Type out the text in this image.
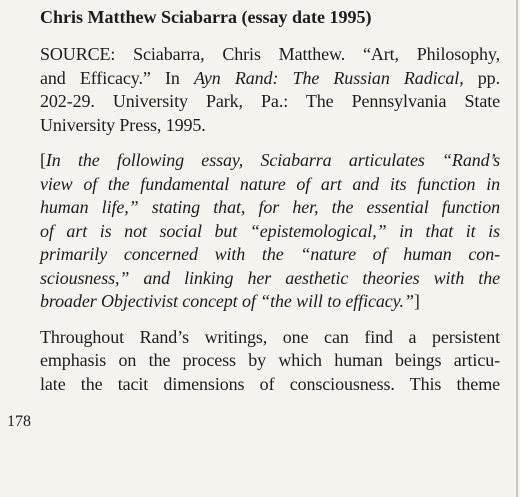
Chris Matthew Sciabarra (essay date 1995)

SOURCE: Sciabarra, Chris Matthew. “Art, Philosophy,
and Efficacy.” In Ayn Rand: The Russian Radical, pp.
202-29. University Park, Pa.: The Pennsylvania State
University Press, 1995.

[In the following essay, Sciabarra articulates “Rand’s
view of the fundamental nature of art and its function in
human life,” stating that, for her, the essential function
of art is not social but “epistemological,” in that it is
primarily concerned with the “nature of human con-
sciousness,” and linking her aesthetic theories with the
broader Objectivist concept of “the will to efficacy.”]

Throughout Rand’s writings, one can find a persistent
emphasis on the process by which human beings articu-
late the tacit dimensions of consciousness. This theme

178
